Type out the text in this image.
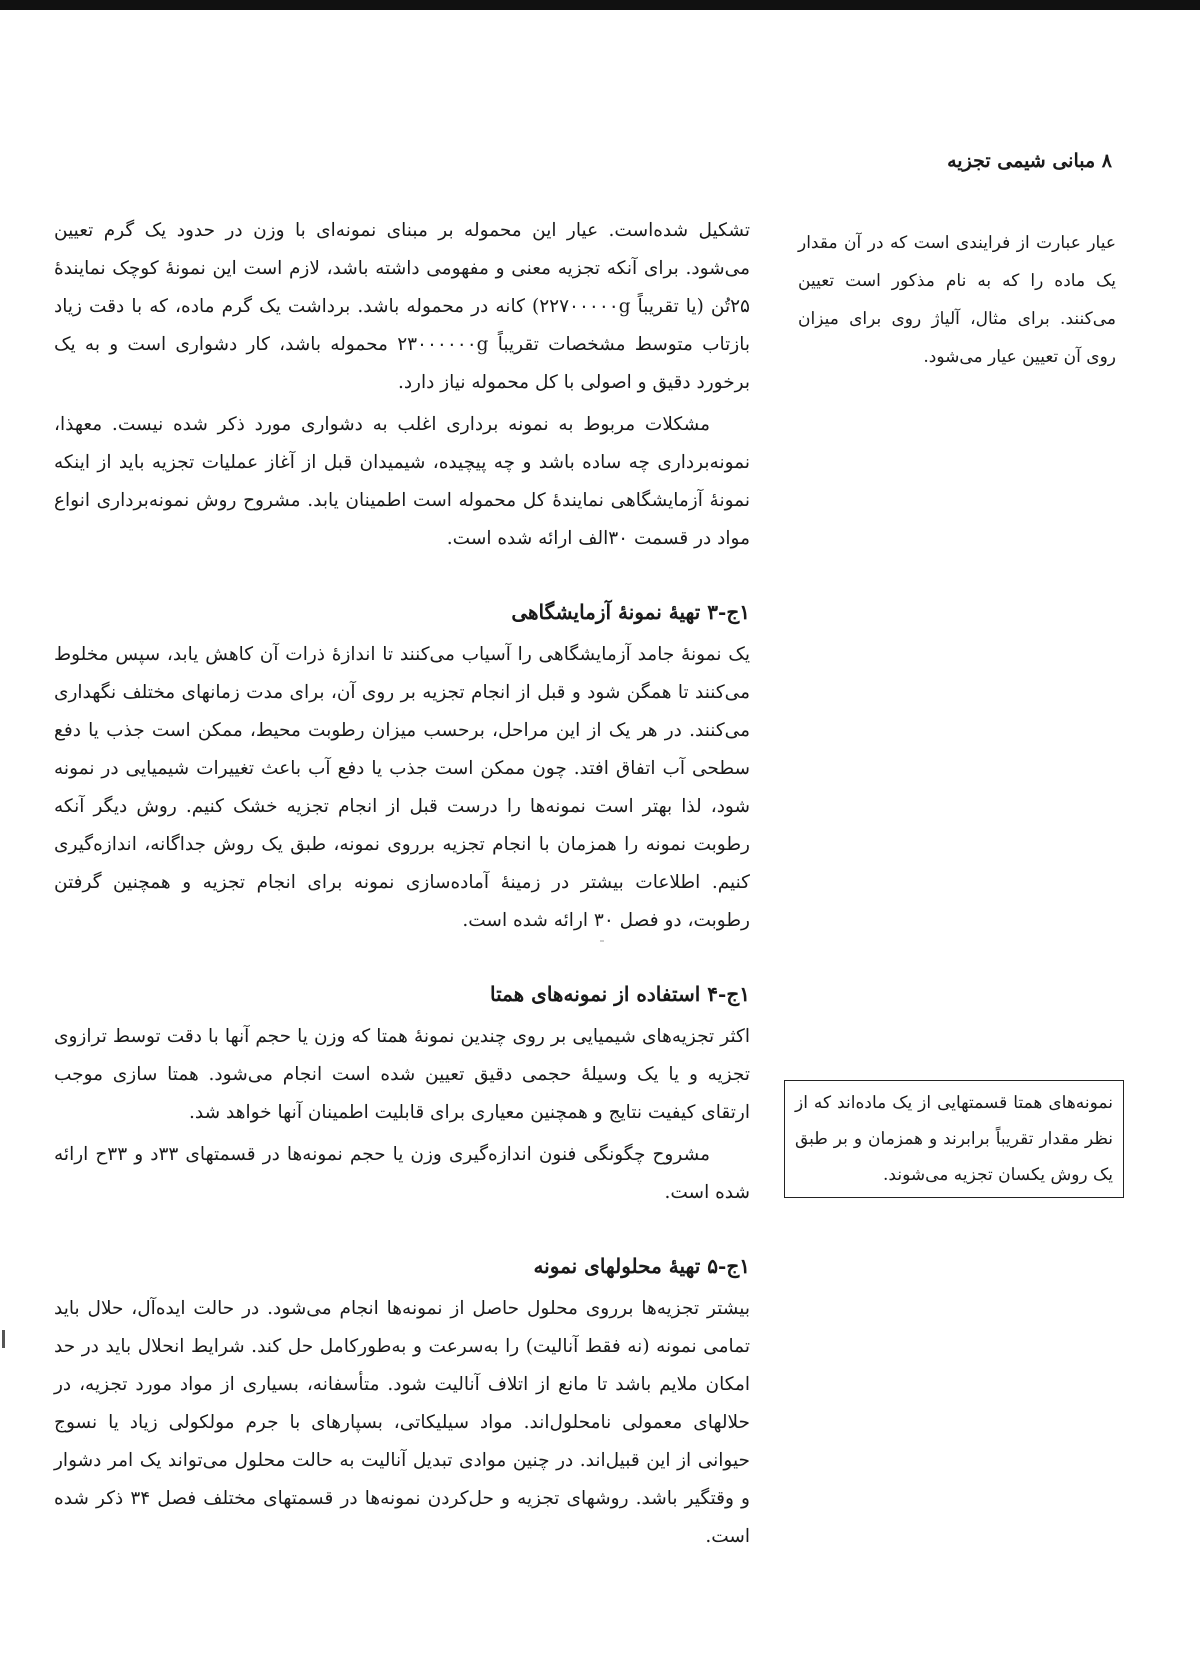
۸ مبانی شیمی تجزیه

تشکیل شده‌است. عیار این محموله بر مبنای نمونه‌ای با وزن در حدود یک گرم تعیین می‌شود. برای آنکه تجزیه معنی و مفهومی داشته باشد، لازم است این نمونهٔ کوچک نمایندهٔ ۲۵تُن (یا تقریباً ۲۲۷۰۰۰۰۰g) کانه در محموله باشد. برداشت یک گرم ماده، که با دقت زیاد بازتاب متوسط مشخصات تقریباً ۲۳۰۰۰۰۰۰g محموله باشد، کار دشواری است و به یک برخورد دقیق و اصولی با کل محموله نیاز دارد.

مشکلات مربوط به نمونه برداری اغلب به دشواری مورد ذکر شده نیست. معهذا، نمونه‌برداری چه ساده باشد و چه پیچیده، شیمیدان قبل از آغاز عملیات تجزیه باید از اینکه نمونهٔ آزمایشگاهی نمایندهٔ کل محموله است اطمینان یابد. مشروح روش نمونه‌برداری انواع مواد در قسمت ۳۰الف ارائه شده است.

۱ج-۳ تهیهٔ نمونهٔ آزمایشگاهی

یک نمونهٔ جامد آزمایشگاهی را آسیاب می‌کنند تا اندازهٔ ذرات آن کاهش یابد، سپس مخلوط می‌کنند تا همگن شود و قبل از انجام تجزیه بر روی آن، برای مدت زمانهای مختلف نگهداری می‌کنند. در هر یک از این مراحل، برحسب میزان رطوبت محیط، ممکن است جذب یا دفع سطحی آب اتفاق افتد. چون ممکن است جذب یا دفع آب باعث تغییرات شیمیایی در نمونه شود، لذا بهتر است نمونه‌ها را درست قبل از انجام تجزیه خشک کنیم. روش دیگر آنکه رطوبت نمونه را همزمان با انجام تجزیه برروی نمونه، طبق یک روش جداگانه، اندازه‌گیری کنیم. اطلاعات بیشتر در زمینهٔ آماده‌سازی نمونه برای انجام تجزیه و همچنین گرفتن رطوبت، دو فصل ۳۰ ارائه شده است.

۱ج-۴ استفاده از نمونه‌های همتا

اکثر تجزیه‌های شیمیایی بر روی چندین نمونهٔ همتا که وزن یا حجم آنها با دقت توسط ترازوی تجزیه و یا یک وسیلهٔ حجمی دقیق تعیین شده است انجام می‌شود. همتا سازی موجب ارتقای کیفیت نتایج و همچنین معیاری برای قابلیت اطمینان آنها خواهد شد.

مشروح چگونگی فنون اندازه‌گیری وزن یا حجم نمونه‌ها در قسمتهای ۳۳د و ۳۳ح ارائه شده است.

۱ج-۵ تهیهٔ محلولهای نمونه

بیشتر تجزیه‌ها برروی محلول حاصل از نمونه‌ها انجام می‌شود. در حالت ایده‌آل، حلال باید تمامی نمونه (نه فقط آنالیت) را به‌سرعت و به‌طورکامل حل کند. شرایط انحلال باید در حد امکان ملایم باشد تا مانع از اتلاف آنالیت شود. متأسفانه، بسیاری از مواد مورد تجزیه، در حلالهای معمولی نامحلول‌اند. مواد سیلیکاتی، بسپارهای با جرم مولکولی زیاد یا نسوج حیوانی از این قبیل‌اند. در چنین موادی تبدیل آنالیت به حالت محلول می‌تواند یک امر دشوار و وقتگیر باشد. روشهای تجزیه و حل‌کردن نمونه‌ها در قسمتهای مختلف فصل ۳۴ ذکر شده است.

عیار عبارت از فرایندی است که در آن مقدار یک ماده را که به نام مذکور است تعیین می‌کنند. برای مثال، آلیاژ روی برای میزان روی آن تعیین عیار می‌شود.
نمونه‌های همتا قسمتهایی از یک ماده‌اند که از نظر مقدار تقریباً برابرند و همزمان و بر طبق یک روش یکسان تجزیه می‌شوند.
